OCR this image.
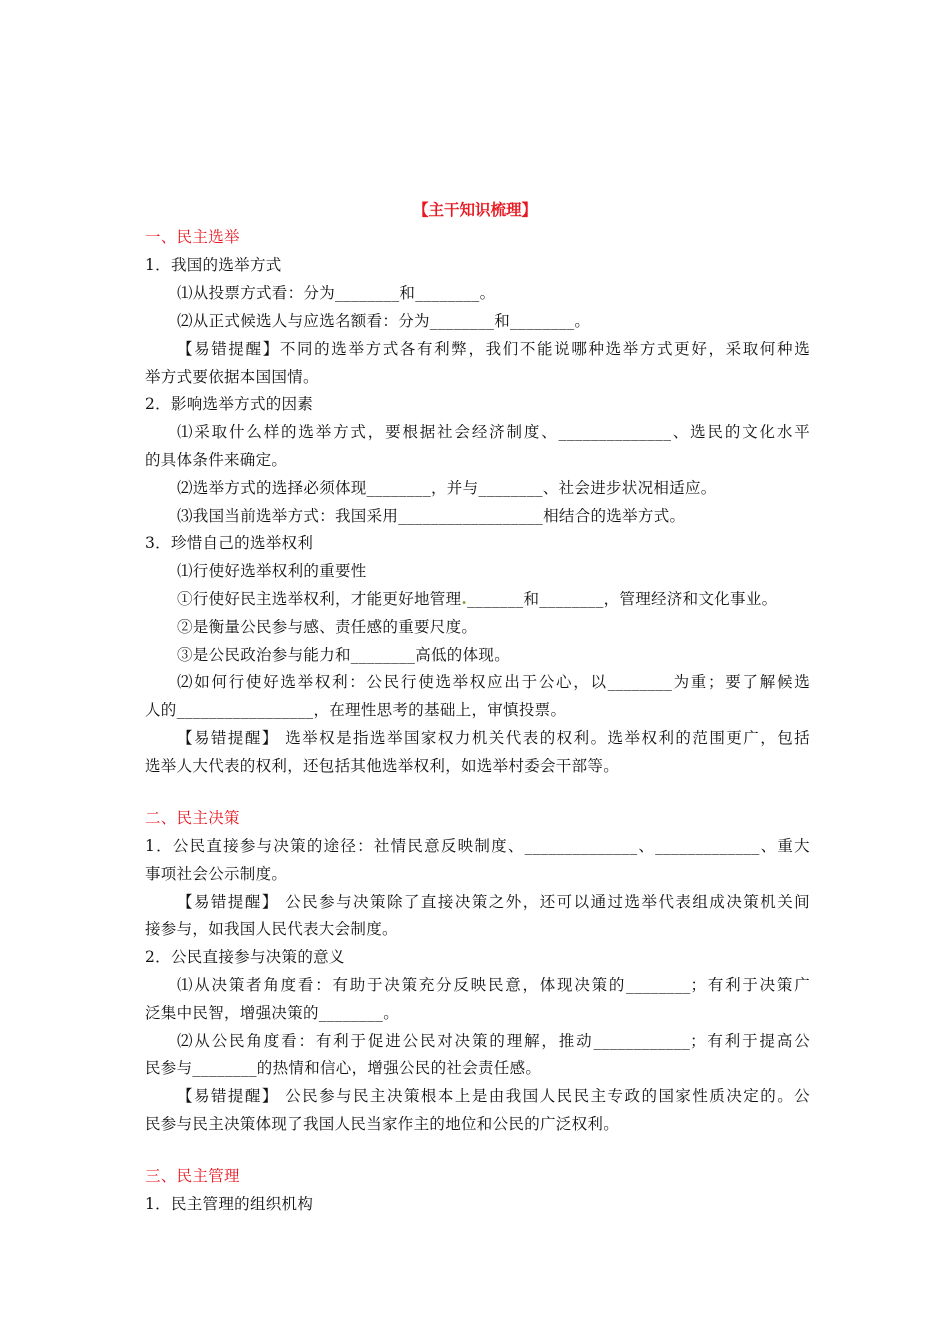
【主干知识梳理】
一、民主选举
1．我国的选举方式
⑴从投票方式看：分为________和________。
⑵从正式候选人与应选名额看：分为________和________。
【易错提醒】不同的选举方式各有利弊，我们不能说哪种选举方式更好，采取何种选
举方式要依据本国国情。
2．影响选举方式的因素
⑴采取什么样的选举方式，要根据社会经济制度、______________、选民的文化水平
的具体条件来确定。
⑵选举方式的选择必须体现________，并与________、社会进步状况相适应。
⑶我国当前选举方式：我国采用__________________相结合的选举方式。
3．珍惜自己的选举权利
⑴行使好选举权利的重要性
①行使好民主选举权利，才能更好地管理._______和________，管理经济和文化事业。
②是衡量公民参与感、责任感的重要尺度。
③是公民政治参与能力和________高低的体现。
⑵如何行使好选举权利：公民行使选举权应出于公心，以________为重；要了解候选
人的_________________，在理性思考的基础上，审慎投票。
【易错提醒】 选举权是指选举国家权力机关代表的权利。选举权利的范围更广，包括
选举人大代表的权利，还包括其他选举权利，如选举村委会干部等。
二、民主决策
1．公民直接参与决策的途径：社情民意反映制度、______________、_____________、重大
事项社会公示制度。
【易错提醒】 公民参与决策除了直接决策之外，还可以通过选举代表组成决策机关间
接参与，如我国人民代表大会制度。
2．公民直接参与决策的意义
⑴从决策者角度看：有助于决策充分反映民意，体现决策的________；有利于决策广
泛集中民智，增强决策的________。
⑵从公民角度看：有利于促进公民对决策的理解，推动____________；有利于提高公
民参与________的热情和信心，增强公民的社会责任感。
【易错提醒】 公民参与民主决策根本上是由我国人民民主专政的国家性质决定的。公
民参与民主决策体现了我国人民当家作主的地位和公民的广泛权利。
三、民主管理
1．民主管理的组织机构
